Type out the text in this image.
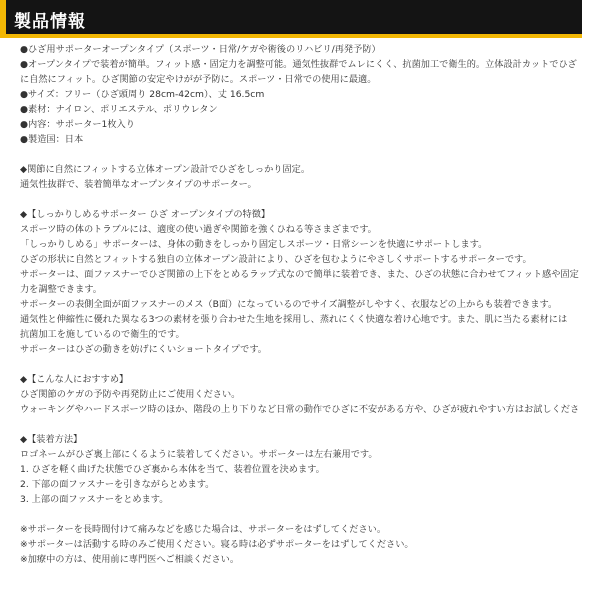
製品情報
●ひざ用サポーターオープンタイプ（スポーツ・日常/ケガや術後のリハビリ/再発予防）
●オープンタイプで装着が簡単。フィット感・固定力を調整可能。通気性抜群でムレにくく、抗菌加工で衛生的。立体設計カットでひざ
に自然にフィット。ひざ関節の安定やけがが予防に。スポーツ・日常での使用に最適。
●サイズ：フリー（ひざ頭周り 28cm-42cm）、丈 16.5cm
●素材：ナイロン、ポリエステル、ポリウレタン
●内容：サポーター1枚入り
●製造国：日本
◆関節に自然にフィットする立体オープン設計でひざをしっかり固定。
通気性抜群で、装着簡単なオープンタイプのサポーター。
◆【しっかりしめるサポーター ひざ オープンタイプの特徴】
スポーツ時の体のトラブルには、適度の使い過ぎや関節を強くひねる等さまざまです。
「しっかりしめる」サポーターは、身体の動きをしっかり固定しスポーツ・日常シーンを快適にサポートします。
ひざの形状に自然とフィットする独自の立体オープン設計により、ひざを包むようにやさしくサポートするサポーターです。
サポーターは、面ファスナーでひざ関節の上下をとめるラップ式なので簡単に装着でき、また、ひざの状態に合わせてフィット感や固定
力を調整できます。
サポーターの表側全面が面ファスナーのメス（B面）になっているのでサイズ調整がしやすく、衣服などの上からも装着できます。
通気性と伸縮性に優れた異なる3つの素材を張り合わせた生地を採用し、蒸れにくく快適な着け心地です。また、肌に当たる素材には
抗菌加工を施しているので衛生的です。
サポーターはひざの動きを妨げにくいショートタイプです。
◆【こんな人におすすめ】
ひざ関節のケガの予防や再発防止にご使用ください。
ウォーキングやハードスポーツ時のほか、階段の上り下りなど日常の動作でひざに不安がある方や、ひざが疲れやすい方はお試しくださ
◆【装着方法】
ロゴネームがひざ裏上部にくるように装着してください。サポーターは左右兼用です。
1. ひざを軽く曲げた状態でひざ裏から本体を当て、装着位置を決めます。
2. 下部の面ファスナーを引きながらとめます。
3. 上部の面ファスナーをとめます。
※サポーターを長時間付けて痛みなどを感じた場合は、サポーターをはずしてください。
※サポーターは活動する時のみご使用ください。寝る時は必ずサポーターをはずしてください。
※加療中の方は、使用前に専門医へご相談ください。
